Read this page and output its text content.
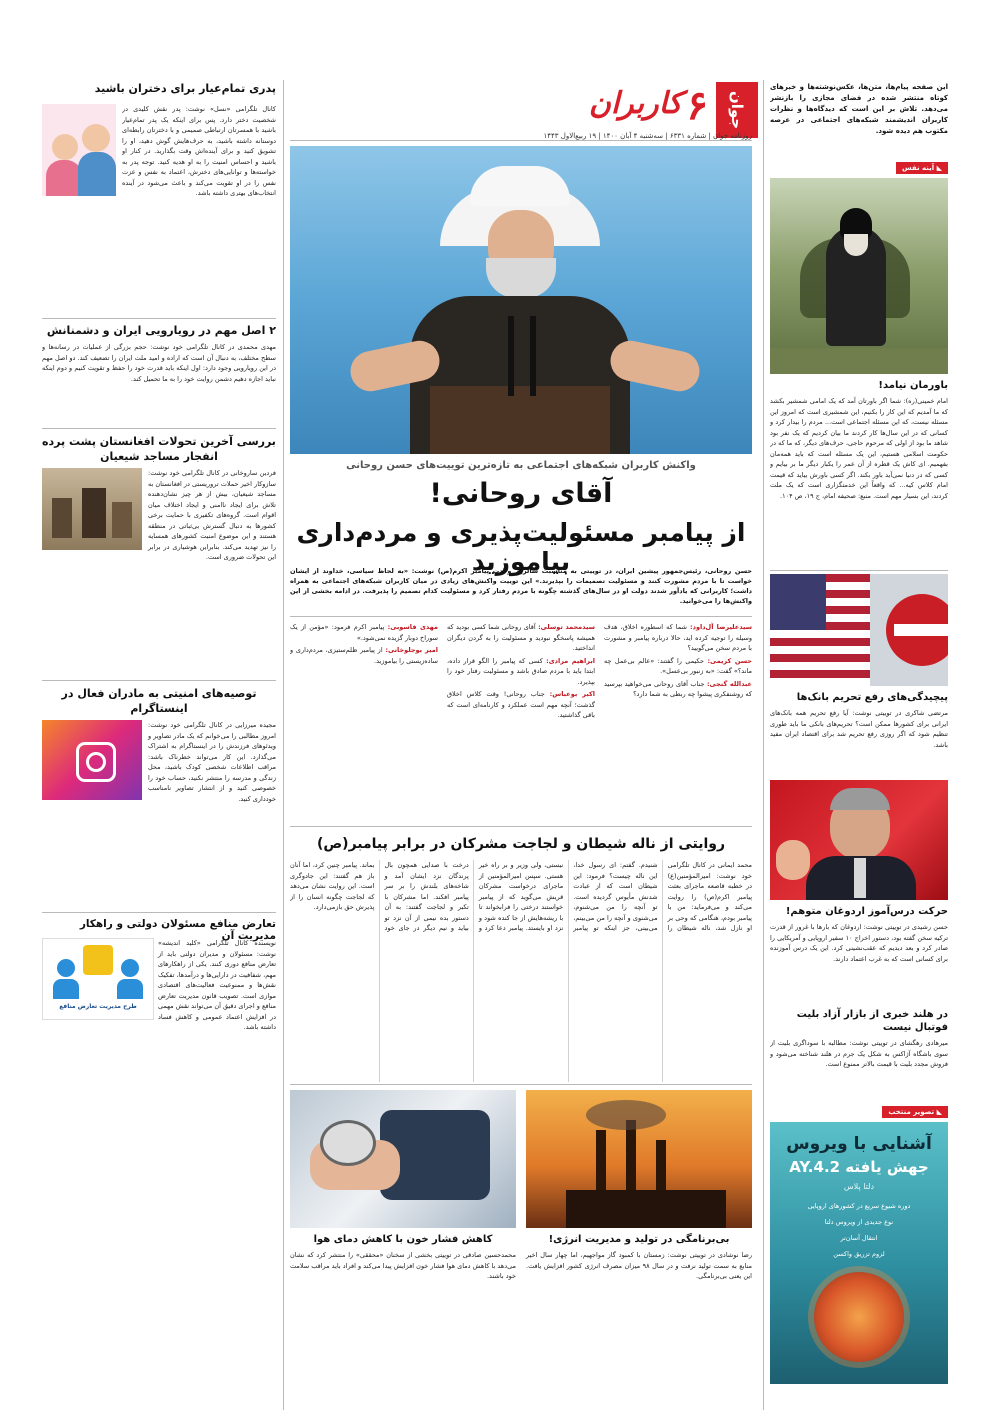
جوان
۶
کاربران
روزنامه جوان | شماره ۶۳۳۱ | سه‌شنبه ۴ آبان ۱۴۰۰ | ۱۹ ربیع‌الاول ۱۴۴۳
این صفحه پیام‌ها، متن‌ها، عکس‌نوشته‌ها و خبرهای کوتاه منتشر شده در فضای مجازی را بازنشر می‌دهد. تلاش بر این است که دیدگاه‌ها و نظرات کاربران اندیشمند شبکه‌های اجتماعی در عرصه مکتوب هم دیده شود.
◣ آینه نفس
باورمان نیامد!
امام خمینی(ره): شما اگر باورتان آمد که یک امامی شمشیر بکشد که ما آمدیم که این کار را بکنیم، این شمشیری است که امروز این مسئله نیست، که این مسئله اجتماعی است... مردم را بیدار کرد و کسانی که در این سال‌ها کار کردند ما بیان کردیم که یک نفر بود شاهد ما بود از اولی که مرحوم حاجی، حرف‌های دیگر، که ما که در حکومت اسلامی هستیم، این یک مسئله است که باید همه‌مان بفهمیم. ای کاش یک قطره از آن عمر را یکبار دیگر ما بر بیایم و کسی که در دنیا نمی‌آید باور بکند. اگر کسی باورش بیاید که قیمت امام کلاس کیه... که واقعاً این خدمتگزاری است که یک ملت کردند، این بسیار مهم است. منبع: صحیفه امام، ج ۱۹، ص ۱۰۴.
پیچیدگی‌های رفع تحریم بانک‌ها
مرتضی شاکری در توییتی نوشت: آیا رفع تحریم همه بانک‌های ایرانی برای کشورها ممکن است؟ تحریم‌های بانکی ما باید طوری تنظیم شود که اگر روزی رفع تحریم شد برای اقتصاد ایران مفید باشد.
حرکت درس‌آموز اردوغان متوهم!
حسن رشیدی در توییتی نوشت: اردوغان که بارها با غرور از قدرت ترکیه سخن گفته بود، دستور اخراج ۱۰ سفیر اروپایی و آمریکایی را صادر کرد و بعد دیدیم که عقب‌نشینی کرد. این یک درس آموزنده برای کسانی است که به غرب اعتماد دارند.
در هلند خبری از بازار آزاد بلیت فوتبال نیست
میرهادی رهگشای در توییتی نوشت: مطالبه با سوداگری بلیت از سوی باشگاه آژاکس به شکل یک جرم در هلند شناخته می‌شود و فروش مجدد بلیت با قیمت بالاتر ممنوع است.
◣ تصویر منتخب
آشنایی با ویروس
جهش یافته AY.4.2
دلتا پلاس
دوره شیوع سریع در کشورهای اروپایی
نوع جدیدی از ویروس دلتا
انتقال آسان‌تر
لزوم تزریق واکسن
واکنش کاربران شبکه‌های اجتماعی به تازه‌ترین توییت‌های حسن روحانی
آقای روحانی!
از پیامبر مسئولیت‌پذیری و مردم‌داری بیاموزید
حسن روحانی، رئیس‌جمهور پیشین ایران، در توییتی به مناسبت سالروز ولادت پیامبر اکرم(ص) نوشت: «به لحاظ سیاسی، خداوند از ایشان خواست تا با مردم مشورت کنند و مسئولیت تصمیمات را بپذیرند.» این توییت واکنش‌های زیادی در میان کاربران شبکه‌های اجتماعی به همراه داشت؛ کاربرانی که یادآور شدند دولت او در سال‌های گذشته چگونه با مردم رفتار کرد و مسئولیت کدام تصمیم را پذیرفت. در ادامه بخشی از این واکنش‌ها را می‌خوانید.

سیدعلیرضا آل‌داود: شما که اسطوره اخلاق، هدف وسیله را توجیه کرده اید، حالا درباره پیامبر و مشورت با مردم سخن می‌گویید؟

حسن کریمی: حکیمی را گفتند: «عالم بی‌عمل چه ماند؟» گفت: «به زنبور بی‌عسل».

عبدالله گنجی: جناب آقای روحانی می‌خواهید بپرسید که روشنفکری پیشوا چه ربطی به شما دارد؟

سیدمحمد توسلی: آقای روحانی شما کسی بودید که همیشه پاسخگو نبودید و مسئولیت را به گردن دیگران انداختید.

ابراهیم مرادی: کسی که پیامبر را الگو قرار داده، ابتدا باید با مردم صادق باشد و مسئولیت رفتار خود را بپذیرد.

اکبر بوعباس: جناب روحانی! وقت کلاس اخلاق گذشت؛ آنچه مهم است عملکرد و کارنامه‌ای است که باقی گذاشتید.

مهدی فاسوبی: پیامبر اکرم فرمود: «مؤمن از یک سوراخ دوبار گزیده نمی‌شود.»

امیر بوجلوخانی: از پیامبر ظلم‌ستیزی، مردم‌داری و ساده‌زیستی را بیاموزید.

روایتی از ناله شیطان و لجاجت مشرکان در برابر پیامبر(ص)
محمد ایمانی در کانال تلگرامی خود نوشت: امیرالمؤمنین(ع) در خطبه قاصعه ماجرای بعثت پیامبر اکرم(ص) را روایت می‌کند و می‌فرماید: من با پیامبر بودم، هنگامی که وحی بر او نازل شد، ناله شیطان را شنیدم. گفتم: ای رسول خدا، این ناله چیست؟ فرمود: این شیطان است که از عبادت شدنش مأیوس گردیده است. تو آنچه را من می‌شنوم، می‌شنوی و آنچه را من می‌بینم، می‌بینی، جز اینکه تو پیامبر نیستی، ولی وزیر و بر راه خیر هستی. سپس امیرالمؤمنین از ماجرای درخواست مشرکان قریش می‌گوید که از پیامبر خواستند درختی را فرابخواند تا با ریشه‌هایش از جا کنده شود و نزد او بایستد. پیامبر دعا کرد و درخت با صدایی همچون بال پرندگان نزد ایشان آمد و شاخه‌های بلندش را بر سر پیامبر افکند. اما مشرکان با تکبر و لجاجت گفتند: به آن دستور بده نیمی از آن نزد تو بیاید و نیم دیگر در جای خود بماند. پیامبر چنین کرد، اما آنان باز هم گفتند: این جادوگری است. این روایت نشان می‌دهد که لجاجت چگونه انسان را از پذیرش حق بازمی‌دارد.
کاهش فشار خون با کاهش دمای هوا
محمدحسین صادقی در توییتی بخشی از سخنان «محققی» را منتشر کرد که نشان می‌دهد با کاهش دمای هوا فشار خون افزایش پیدا می‌کند و افراد باید مراقب سلامت خود باشند.
بی‌برنامگی در تولید و مدیریت انرژی!
رضا نوشادی در توییتی نوشت: زمستان با کمبود گاز مواجهیم، اما چهار سال اخیر منابع به سمت تولید نرفت و در سال ۹۸ میزان مصرف انرژی کشور افزایش یافت. این یعنی بی‌برنامگی.
پدری تمام‌عیار برای دختران باشید
کانال تلگرامی «نسل» نوشت: پدر نقش کلیدی در شخصیت دختر دارد. پس برای اینکه یک پدر تمام‌عیار باشید با همسرتان ارتباطی صمیمی و با دخترتان رابطه‌ای دوستانه داشته باشید، به حرف‌هایش گوش دهید، او را تشویق کنید و برای آینده‌اش وقت بگذارید. در کنار او باشید و احساس امنیت را به او هدیه کنید. توجه پدر به خواسته‌ها و توانایی‌های دخترش، اعتماد به نفس و عزت نفس را در او تقویت می‌کند و باعث می‌شود در آینده انتخاب‌های بهتری داشته باشد.
۲ اصل مهم در رویارویی ایران و دشمنانش
مهدی محمدی در کانال تلگرامی خود نوشت: حجم بزرگی از عملیات در رسانه‌ها و سطح مختلف، به دنبال آن است که اراده و امید ملت ایران را تضعیف کند. دو اصل مهم در این رویارویی وجود دارد: اول اینکه باید قدرت خود را حفظ و تقویت کنیم و دوم اینکه نباید اجازه دهیم دشمن روایت خود را به ما تحمیل کند.
بررسی آخرین تحولات افغانستان پشت پرده انفجار مساجد شیعیان
فردین ساروخانی در کانال تلگرامی خود نوشت: سازوکار اخیر حملات تروریستی در افغانستان به مساجد شیعیان، بیش از هر چیز نشان‌دهنده تلاش برای ایجاد ناامنی و ایجاد اختلاف میان اقوام است. گروه‌های تکفیری با حمایت برخی کشورها به دنبال گسترش بی‌ثباتی در منطقه هستند و این موضوع امنیت کشورهای همسایه را نیز تهدید می‌کند. بنابراین هوشیاری در برابر این تحولات ضروری است.
توصیه‌های امنیتی به مادران فعال در اینستاگرام
مجیده میرزایی در کانال تلگرامی خود نوشت: امروز مطالبی را می‌خوانم که یک مادر تصاویر و ویدئوهای فرزندش را در اینستاگرام به اشتراک می‌گذارد. این کار می‌تواند خطرناک باشد: مراقب اطلاعات شخصی کودک باشید، محل زندگی و مدرسه را منتشر نکنید، حساب خود را خصوصی کنید و از انتشار تصاویر نامناسب خودداری کنید.
تعارض منافع مسئولان دولتی و راهکار مدیریت آن
طرح مدیریت تعارض منافع
نویسنده کانال تلگرامی «کلید اندیشه» نوشت: مسئولان و مدیران دولتی باید از تعارض منافع دوری کنند. یکی از راهکارهای مهم، شفافیت در دارایی‌ها و درآمدها، تفکیک نقش‌ها و ممنوعیت فعالیت‌های اقتصادی موازی است. تصویب قانون مدیریت تعارض منافع و اجرای دقیق آن می‌تواند نقش مهمی در افزایش اعتماد عمومی و کاهش فساد داشته باشد.
